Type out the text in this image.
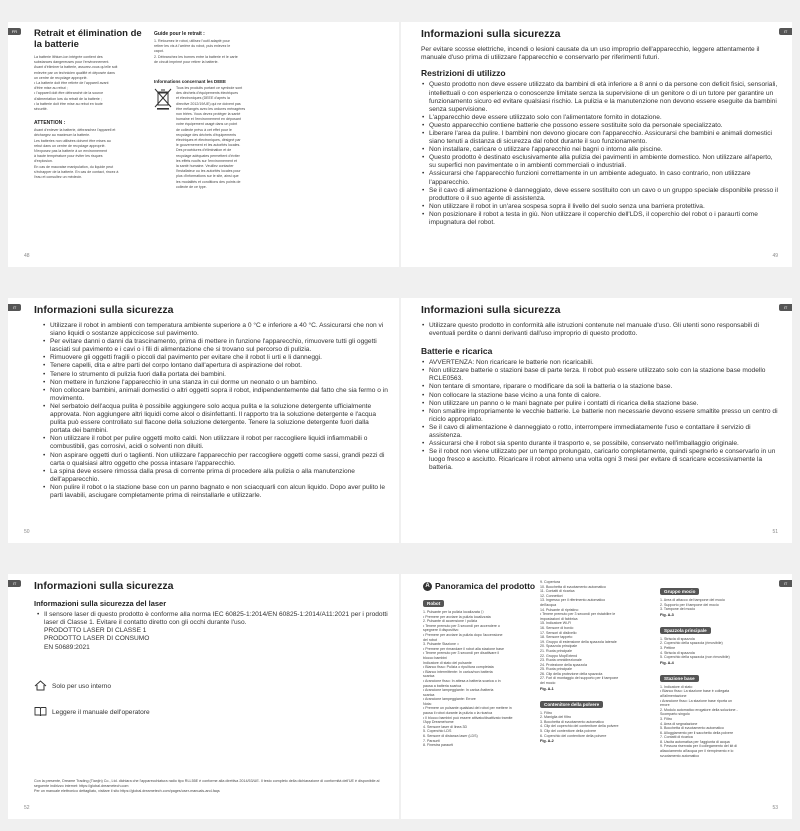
FR	Retrait et élimination de la batterie
La batterie lithium-ion intégrée contient des
substances dangereuses pour l'environnement.
Avant d'éliminer la batterie, assurez-vous qu'elle soit
enlevée par un technicien qualifié et déposée dans
un centre de recyclage approprié.
• La batterie doit être retirée de l'appareil avant
d'être mise au rebut ;
• l'appareil doit être débranché de la source
d'alimentation lors du retrait de la batterie ;
• la batterie doit être mise au rebut en toute
sécurité.
ATTENTION :
Avant d'enlever la batterie, débranchez l'appareil et
déchargez au maximum la batterie.
Les batteries non utilisées doivent être mises au
rebut dans un centre de recyclage approprié.
N'exposez pas la batterie à un environnement
à haute température pour éviter les risques
d'explosion.
En cas de mauvaise manipulation, du liquide peut
s'échapper de la batterie. En cas de contact, rincez à
l'eau et consultez un médecin.
Guide pour le retrait :
1. Retournez le robot, utilisez l'outil adapté pour
retirer les vis à l'arrière du robot, puis enlevez le
capot.
2. Débranchez les bornes entre la batterie et le carte
de circuit imprimé pour retirer la batterie.
Informations concernant les DEEE
Tous les produits portant ce symbole sont
des déchets d'équipements électriques
et électroniques (DEEE d'après la
directive 2012/19/UE) qui ne doivent pas
être mélangés avec les ordures ménagères
non triées. Vous devez protéger la santé
humaine et l'environnement en déposant
votre équipement usagé dans un point
de collecte prévu à cet effet pour le
recyclage des déchets d'équipements
électriques et électroniques, désigné par
le gouvernement et les autorités locales.
Des procédures d'élimination et de
recyclage adéquates permettent d'éviter
les effets nocifs sur l'environnement et
la santé humaine. Veuillez contacter
l'installateur ou les autorités locales pour
plus d'informations sur le site, ainsi que
les modalités et conditions des points de
collecte de ce type.
48
IT
Informazioni sulla sicurezza

Per evitare scosse elettriche, incendi o lesioni causate da un uso improprio dell'apparecchio, leggere attentamente il manuale d'uso prima di utilizzare l'apparecchio e conservarlo per riferimenti futuri.

Restrizioni di utilizzo
• Questo prodotto non deve essere utilizzato da bambini di età inferiore a 8 anni o da persone con deficit fisici, sensoriali, intellettuali o con esperienza o conoscenze limitate senza la supervisione di un genitore o di un tutore per garantire un funzionamento sicuro ed evitare qualsiasi rischio. La pulizia e la manutenzione non devono essere eseguite da bambini senza supervisione.
• L'apparecchio deve essere utilizzato solo con l'alimentatore fornito in dotazione.
• Questo apparecchio contiene batterie che possono essere sostituite solo da personale specializzato.
• Liberare l'area da pulire. I bambini non devono giocare con l'apparecchio. Assicurarsi che bambini e animali domestici siano tenuti a distanza di sicurezza dal robot durante il suo funzionamento.
• Non installare, caricare o utilizzare l'apparecchio nei bagni o intorno alle piscine.
• Questo prodotto è destinato esclusivamente alla pulizia dei pavimenti in ambiente domestico. Non utilizzare all'aperto, su superfici non pavimentate o in ambienti commerciali o industriali.
• Assicurarsi che l'apparecchio funzioni correttamente in un ambiente adeguato. In caso contrario, non utilizzare l'apparecchio.
• Se il cavo di alimentazione è danneggiato, deve essere sostituito con un cavo o un gruppo speciale disponibile presso il produttore o il suo agente di assistenza.
• Non utilizzare il robot in un'area sospesa sopra il livello del suolo senza una barriera protettiva.
• Non posizionare il robot a testa in giù. Non utilizzare il coperchio dell'LDS, il coperchio del robot o i paraurti come impugnatura del robot.
49
IT	Informazioni sulla sicurezza
• Utilizzare il robot in ambienti con temperatura ambiente superiore a 0 °C e inferiore a 40 °C. Assicurarsi che non vi siano liquidi o sostanze appiccicose sul pavimento.
• Per evitare danni o danni da trascinamento, prima di mettere in funzione l'apparecchio, rimuovere tutti gli oggetti lasciati sul pavimento e i cavi o i fili di alimentazione che si trovano sul percorso di pulizia.
• Rimuovere gli oggetti fragili o piccoli dal pavimento per evitare che il robot li urti e li danneggi.
• Tenere capelli, dita e altre parti del corpo lontano dall'apertura di aspirazione del robot.
• Tenere lo strumento di pulizia fuori dalla portata dei bambini.
• Non mettere in funzione l'apparecchio in una stanza in cui dorme un neonato o un bambino.
• Non collocare bambini, animali domestici o altri oggetti sopra il robot, indipendentemente dal fatto che sia fermo o in movimento.
• Nel serbatoio dell'acqua pulita è possibile aggiungere solo acqua pulita e la soluzione detergente ufficialmente approvata. Non aggiungere altri liquidi come alcol o disinfettanti. Il rapporto tra la soluzione detergente e l'acqua pulita può essere controllato sul flacone della soluzione detergente. Tenere la soluzione detergente fuori dalla portata dei bambini.
• Non utilizzare il robot per pulire oggetti molto caldi. Non utilizzare il robot per raccogliere liquidi infiammabili o combustibili, gas corrosivi, acidi o solventi non diluiti.
• Non aspirare oggetti duri o taglienti. Non utilizzare l'apparecchio per raccogliere oggetti come sassi, grandi pezzi di carta o qualsiasi altro oggetto che possa intasare l'apparecchio.
• La spina deve essere rimossa dalla presa di corrente prima di procedere alla pulizia o alla manutenzione dell'apparecchio.
• Non pulire il robot o la stazione base con un panno bagnato e non sciacquarli con alcun liquido. Dopo aver pulito le parti lavabili, asciugare completamente prima di reinstallarle e utilizzarle.
50
IT
Informazioni sulla sicurezza
• Utilizzare questo prodotto in conformità alle istruzioni contenute nel manuale d'uso. Gli utenti sono responsabili di eventuali perdite o danni derivanti dall'uso improprio di questo prodotto.
Batterie e ricarica
• AVVERTENZA: Non ricaricare le batterie non ricaricabili.
• Non utilizzare batterie o stazioni base di parte terza. Il robot può essere utilizzato solo con la stazione base modello RCLE0563.
• Non tentare di smontare, riparare o modificare da soli la batteria o la stazione base.
• Non collocare la stazione base vicino a una fonte di calore.
• Non utilizzare un panno o le mani bagnate per pulire i contatti di ricarica della stazione base.
• Non smaltire impropriamente le vecchie batterie. Le batterie non necessarie devono essere smaltite presso un centro di riciclo appropriato.
• Se il cavo di alimentazione è danneggiato o rotto, interrompere immediatamente l'uso e contattare il servizio di assistenza.
• Assicurarsi che il robot sia spento durante il trasporto e, se possibile, conservato nell'imballaggio originale.
• Se il robot non viene utilizzato per un tempo prolungato, caricarlo completamente, quindi spegnerlo e conservarlo in un luogo fresco e asciutto. Ricaricare il robot almeno una volta ogni 3 mesi per evitare di scaricare eccessivamente la batteria.
51
IT	Informazioni sulla sicurezza
Informazioni sulla sicurezza del laser
• Il sensore laser di questo prodotto è conforme alla norma IEC 60825-1:2014/EN 60825-1:2014/A11:2021 per i prodotti laser di Classe 1. Evitare il contatto diretto con gli occhi durante l'uso.
PRODOTTO LASER DI CLASSE 1
PRODOTTO LASER DI CONSUMO
EN 50689:2021
Solo per uso interno
Leggere il manuale dell'operatore

Con la presente, Dreame Trading (Tianjin) Co., Ltd. dichiara che l'apparecchiatura radio tipo RLL55E è conforme alla direttiva 2014/53/UE. Il testo completo della dichiarazione di conformità dell'UE è disponibile al seguente indirizzo internet: https://global.dreametech.com

Per un manuale elettronico dettagliato, visitare il sito https://global.dreametech.com/pages/user-manuals-and-faqs

52
IT
A Panoramica del prodotto
Robot
1. Pulsante per la pulizia localizzata ⟨⟩
• Premere per avviare la pulizia localizzata
2. Pulsante di accensione / pulizia
• Tenere premuto per 3 secondi per accendere o
spegnere il dispositivo
• Premere per avviare la pulizia dopo l'accensione
del robot
3. Pulsante Stazione ⌂
• Premere per rimandare il robot alla stazione base
• Tenere premuto per 3 secondi per disattivare il
blocco bambini
Indicatore di stato del pulsante
• Bianco fisso: Pulizia o ripulitura completata
• Bianco intermittente: In carica/non batteria
scarica
• Arancione fisso: In attesa a batteria scarica o in
pausa a batteria scarica
• Arancione lampeggiante: In carica /batteria
scarica
• Arancione lampeggiante: Errore
Nota:
• Premere un pulsante qualsiasi del robot per mettere in
pausa il robot durante la pulizia o la ricarica
• Il blocco bambini può essere attivato/disattivato tramite
l'App Dreamehome
4. Sensore laser di linea 3D
5. Coperchio LDS
6. Sensore di distanza laser (LDS)
7. Paraurti
8. Finestra paraurti
9. Copertura
10. Bocchetta di svuotamento automatico
11. Contatti di ricarica
12. Connettori
13. Ingresso per il riferimento automatico
dell'acqua
14. Pulsante di ripristino
• Tenere premuto per 3 secondi per ristabilire le
impostazioni di fabbrica
15. Indicatore Wi-Fi
16. Sensore di bordo
17. Sensori di dislivello
18. Sensore tappeto
19. Gruppo di estensione della spazzola laterale
20. Spazzola principale
21. Ruota principale
22. Gruppo MopExtend
23. Ruota omnidirezionale
24. Protezione della spazzola
25. Ruota principale
26. Clip della protezione della spazzola
27. Fori di montaggio del supporto per il tampone
del mocio
Fig. A-1
Contenitore della polvere
1. Filtro
2. Maniglia del filtro
3. Bocchetta di svuotamento automatico
4. Clip del coperchio del contenitore della polvere
5. Clip del contenitore della polvere
6. Coperchio del contenitore della polvere
Fig. A-2
Gruppo mocio
1. Area di attacco del tampone del mocio
2. Supporto per il tampone del mocio
3. Tampone del mocio
Fig. A-3
Spazzola principale
1. Striscia di spazzola
2. Coperchio della spazzola (rimovibile)
3. Pettine
4. Striscia di spazzola
5. Coperchio della spazzola (non rimovibile)
Fig. A-4
Stazione base
1. Indicatore di stato
• Bianco fisso: La stazione base è collegata
all'alimentazione
• Arancione fisso: La stazione base riporta un
errore
2. Modulo automatico erogatore della soluzione -
Scomparto singolo
3. Filtro
4. Area di segnalazione
5. Bocchetta di svuotamento automatico
6. Alloggiamento per il sacchetto della polvere
7. Contatti di ricarica
8. Uscita automatica per l'aggiunta di acqua
9. Fessura riservata per il collegamento del kit di
allacciamento all'acqua per il riempimento e lo
svuotamento automatico
53
